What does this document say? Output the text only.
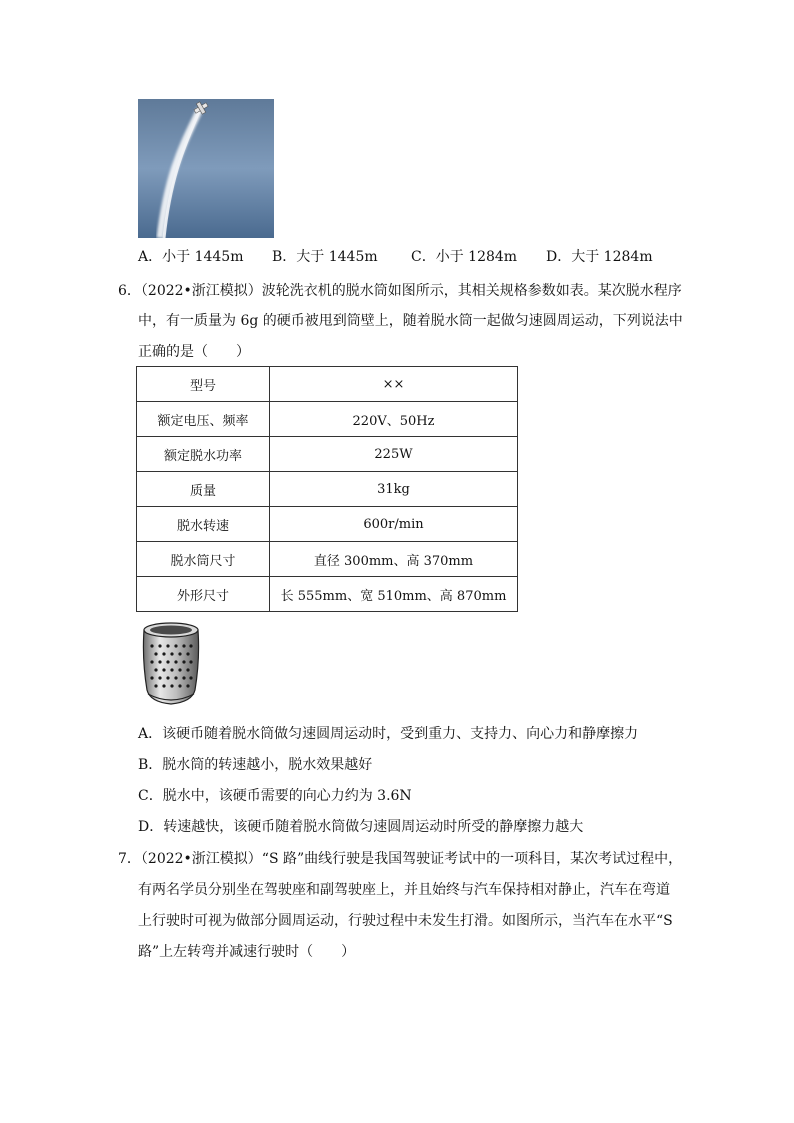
A．小于 1445m B．大于 1445m C．小于 1284m D．大于 1284m
6．（2022•浙江模拟）波轮洗衣机的脱水筒如图所示，其相关规格参数如表。某次脱水程序
中，有一质量为 6g 的硬币被甩到筒壁上，随着脱水筒一起做匀速圆周运动，下列说法中
正确的是（　　）
型号	××
额定电压、频率	220V、50Hz
额定脱水功率	225W
质量	31kg
脱水转速	600r/min
脱水筒尺寸	直径 300mm、高 370mm
外形尺寸	长 555mm、宽 510mm、高 870mm
A．该硬币随着脱水筒做匀速圆周运动时，受到重力、支持力、向心力和静摩擦力
B．脱水筒的转速越小，脱水效果越好
C．脱水中，该硬币需要的向心力约为 3.6N
D．转速越快，该硬币随着脱水筒做匀速圆周运动时所受的静摩擦力越大
7．（2022•浙江模拟）“S 路”曲线行驶是我国驾驶证考试中的一项科目，某次考试过程中，
有两名学员分别坐在驾驶座和副驾驶座上，并且始终与汽车保持相对静止，汽车在弯道
上行驶时可视为做部分圆周运动，行驶过程中未发生打滑。如图所示，当汽车在水平“S
路”上左转弯并减速行驶时（　　）
